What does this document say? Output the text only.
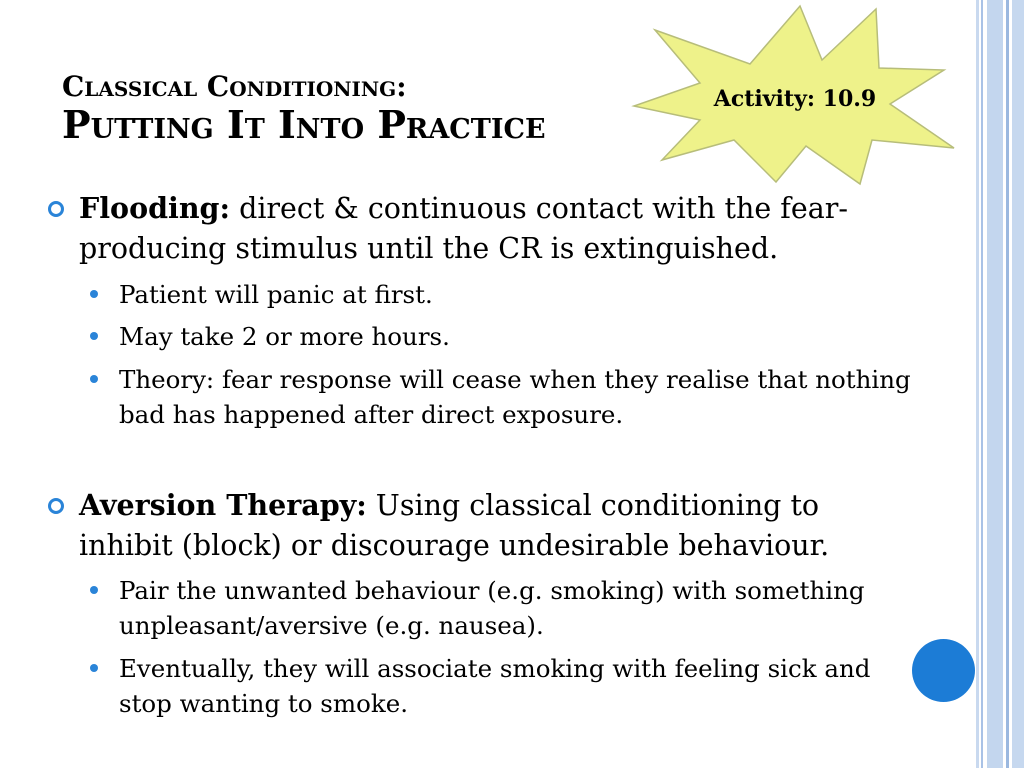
Classical Conditioning:
Putting It Into Practice
Activity: 10.9

Flooding: direct & continuous contact with the fear-producing stimulus until the CR is extinguished.

Patient will panic at first.

May take 2 or more hours.

Theory: fear response will cease when they realise that nothing bad has happened after direct exposure.

Aversion Therapy: Using classical conditioning to inhibit (block) or discourage undesirable behaviour.

Pair the unwanted behaviour (e.g. smoking) with something unpleasant/aversive (e.g. nausea).

Eventually, they will associate smoking with feeling sick and stop wanting to smoke.
